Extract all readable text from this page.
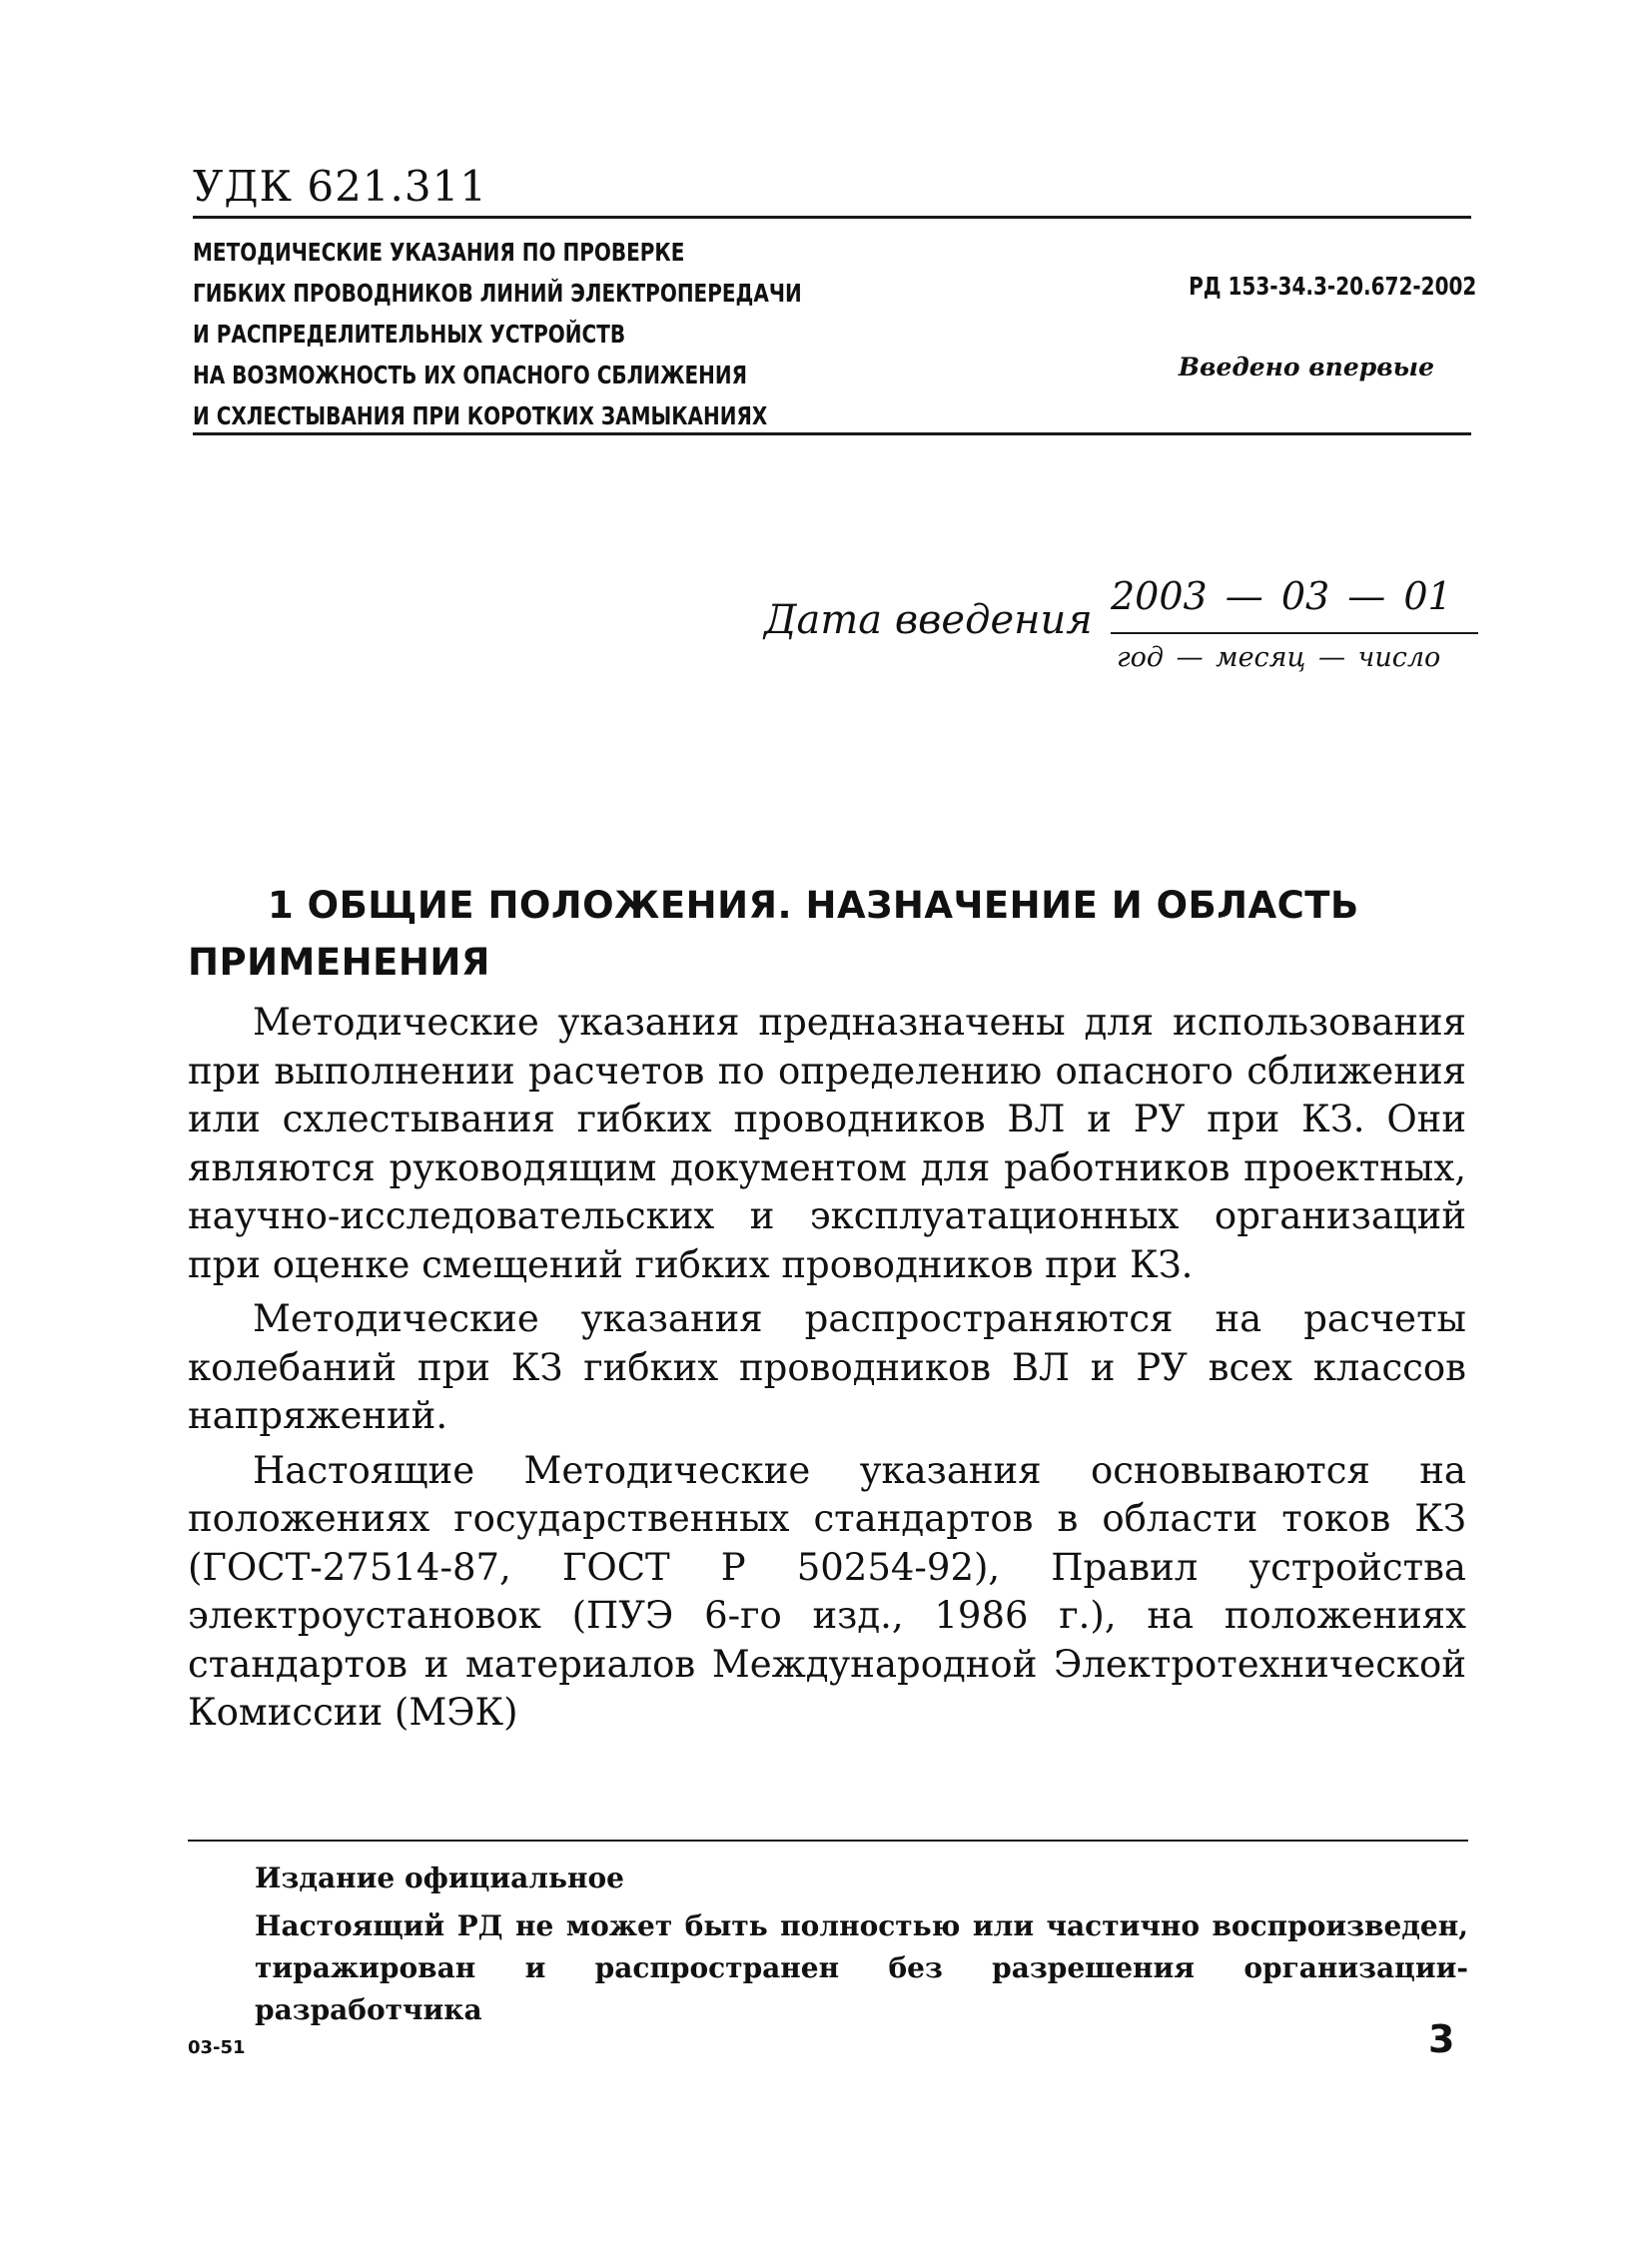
УДК 621.311
МЕТОДИЧЕСКИЕ УКАЗАНИЯ ПО ПРОВЕРКЕ
ГИБКИХ ПРОВОДНИКОВ ЛИНИЙ ЭЛЕКТРОПЕРЕДАЧИ
И РАСПРЕДЕЛИТЕЛЬНЫХ УСТРОЙСТВ
НА ВОЗМОЖНОСТЬ ИХ ОПАСНОГО СБЛИЖЕНИЯ
И СХЛЕСТЫВАНИЯ ПРИ КОРОТКИХ ЗАМЫКАНИЯХ
РД 153-34.3-20.672-2002
Введено впервые
Дата введения
2003 — 03 — 01
год — месяц — число
1 ОБЩИЕ ПОЛОЖЕНИЯ. НАЗНАЧЕНИЕ И ОБЛАСТЬ
ПРИМЕНЕНИЯ

Методические указания предназначены для использования при выполнении расчетов по определению опасного сближения или схлестывания гибких проводников ВЛ и РУ при КЗ. Они являются руководящим документом для работников проектных, научно-исследовательских и эксплуатационных организаций при оценке смещений гибких проводников при КЗ.

Методические указания распространяются на расчеты колебаний при КЗ гибких проводников ВЛ и РУ всех классов напряжений.

Настоящие Методические указания основываются на положениях государственных стандартов в области токов КЗ (ГОСТ-27514-87, ГОСТ Р 50254-92), Правил устройства электроустановок (ПУЭ 6-го изд., 1986 г.), на положениях стандартов и материалов Международной Электротехнической Комиссии (МЭК)

Издание официальное

Настоящий РД не может быть полностью или частично воспроизведен, тиражирован и распространен без разрешения организации-разработчика

03-51	3
